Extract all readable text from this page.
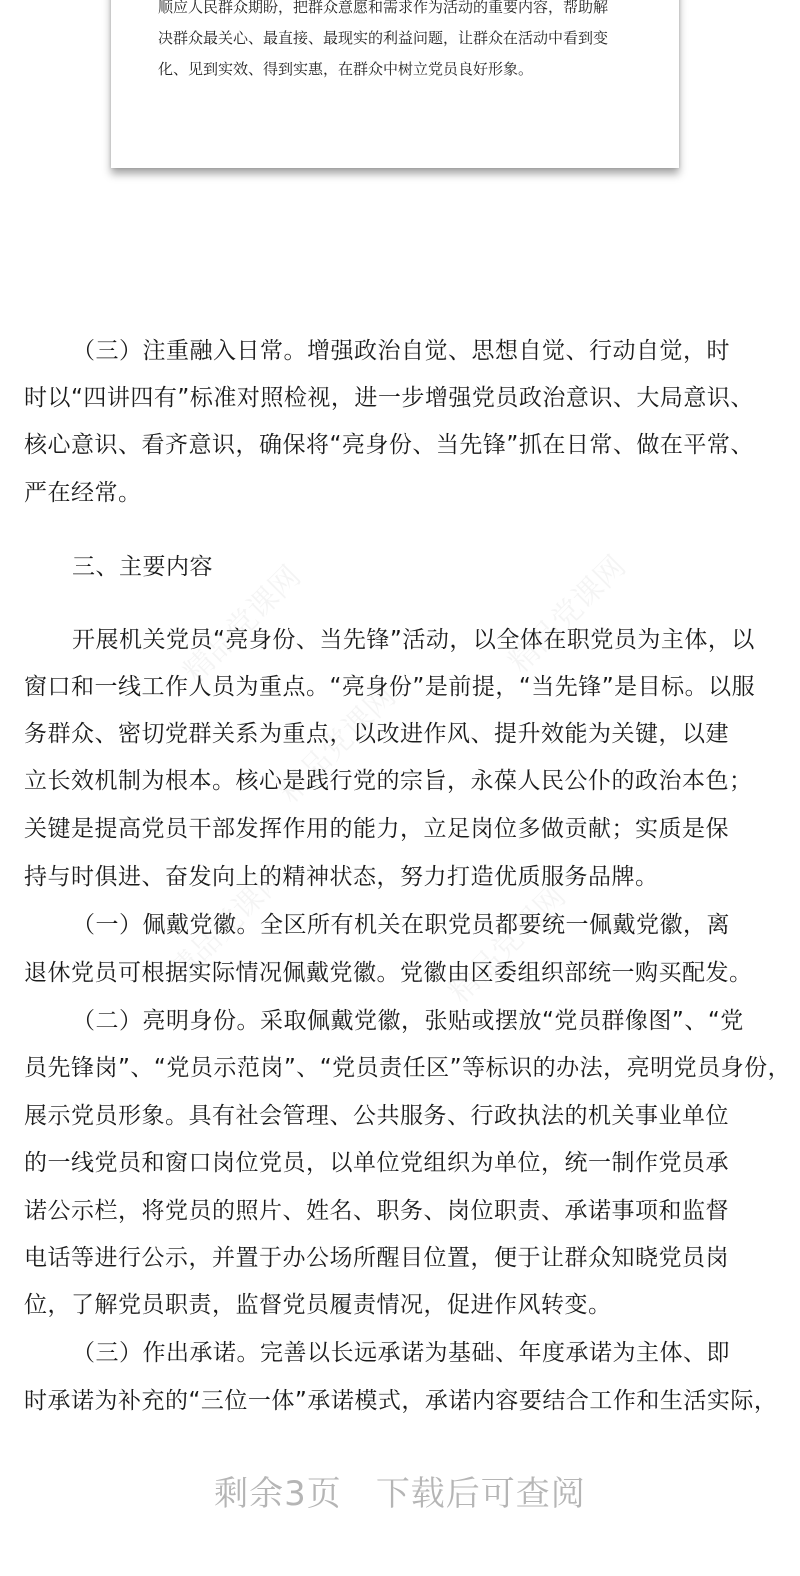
顺应人民群众期盼，把群众意愿和需求作为活动的重要内容，帮助解

决群众最关心、最直接、最现实的利益问题，让群众在活动中看到变

化、见到实效、得到实惠，在群众中树立党员良好形象。

（三）注重融入日常。增强政治自觉、思想自觉、行动自觉，时
时以“四讲四有”标准对照检视，进一步增强党员政治意识、大局意识、
核心意识、看齐意识，确保将“亮身份、当先锋”抓在日常、做在平常、
严在经常。
三、主要内容
开展机关党员“亮身份、当先锋”活动，以全体在职党员为主体，以
窗口和一线工作人员为重点。“亮身份”是前提，“当先锋”是目标。以服
务群众、密切党群关系为重点，以改进作风、提升效能为关键，以建
立长效机制为根本。核心是践行党的宗旨，永葆人民公仆的政治本色；
关键是提高党员干部发挥作用的能力，立足岗位多做贡献；实质是保
持与时俱进、奋发向上的精神状态，努力打造优质服务品牌。
（一）佩戴党徽。全区所有机关在职党员都要统一佩戴党徽，离
退休党员可根据实际情况佩戴党徽。党徽由区委组织部统一购买配发。
（二）亮明身份。采取佩戴党徽，张贴或摆放“党员群像图”、“党
员先锋岗”、“党员示范岗”、“党员责任区”等标识的办法，亮明党员身份，
展示党员形象。具有社会管理、公共服务、行政执法的机关事业单位
的一线党员和窗口岗位党员，以单位党组织为单位，统一制作党员承
诺公示栏，将党员的照片、姓名、职务、岗位职责、承诺事项和监督
电话等进行公示，并置于办公场所醒目位置，便于让群众知晓党员岗
位，了解党员职责，监督党员履责情况，促进作风转变。
（三）作出承诺。完善以长远承诺为基础、年度承诺为主体、即
时承诺为补充的“三位一体”承诺模式，承诺内容要结合工作和生活实际，
剩余3页 下载后可查阅
